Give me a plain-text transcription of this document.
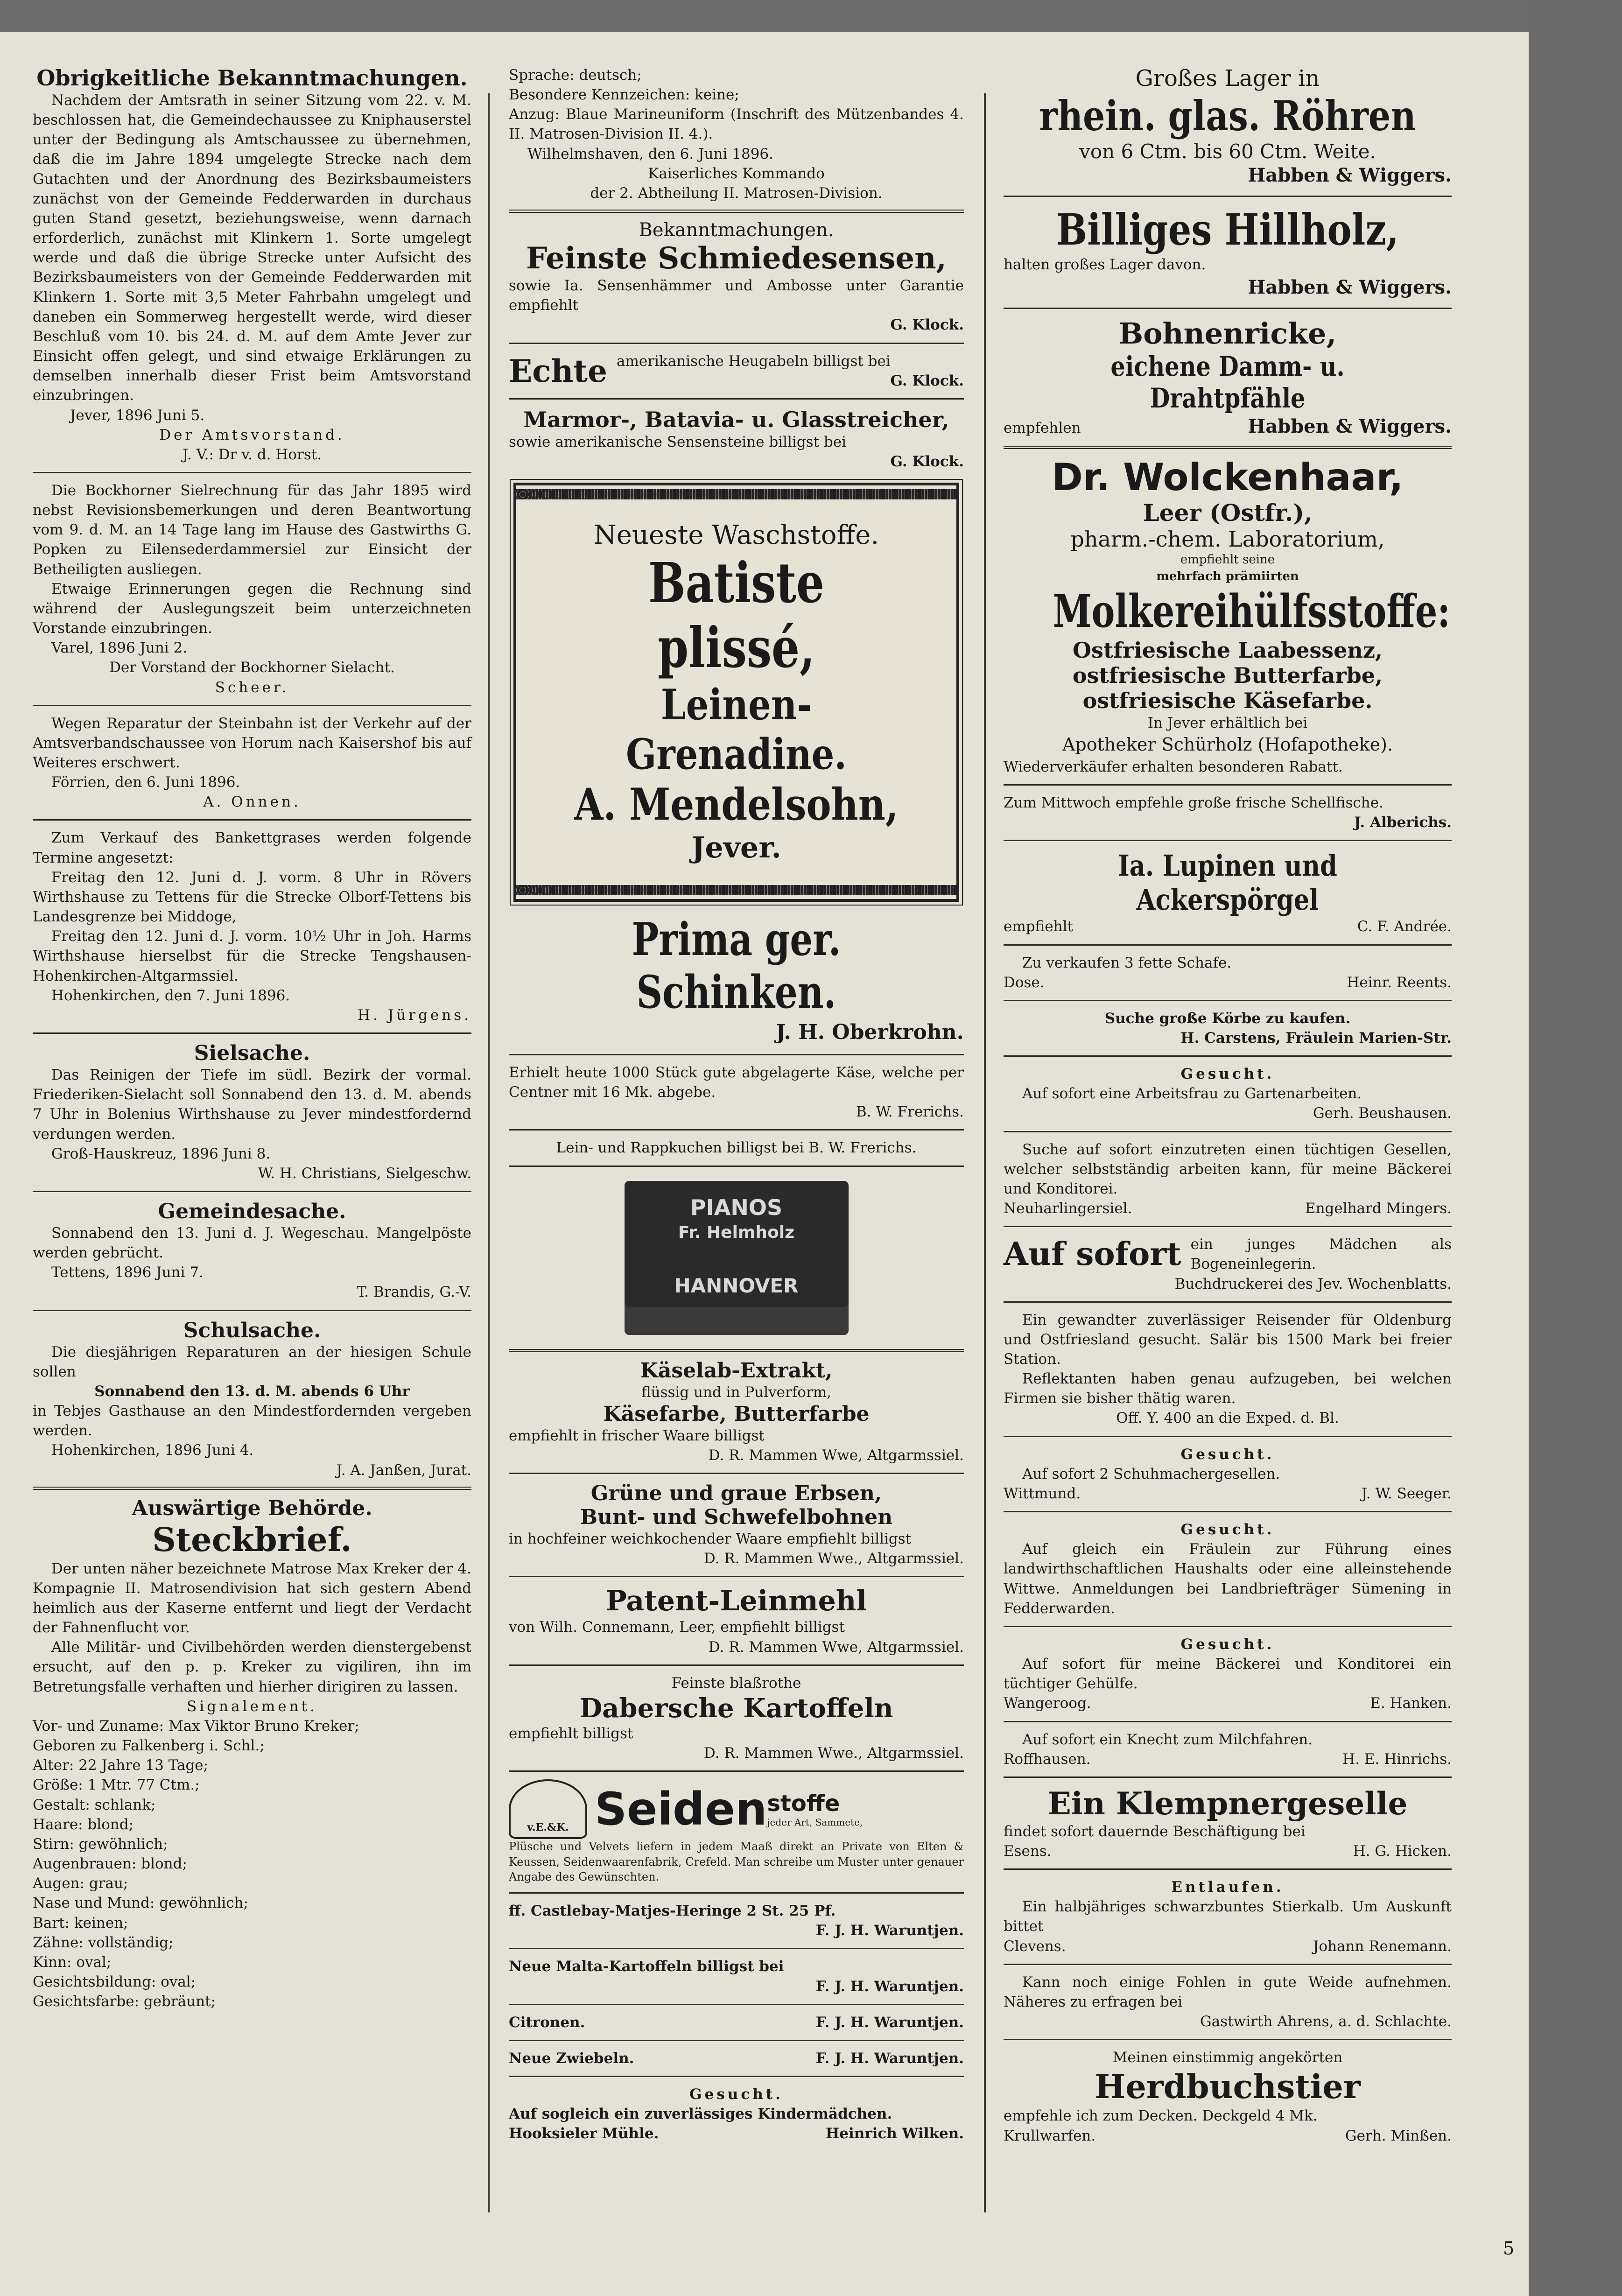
Obrigkeitliche Bekanntmachungen.

Nachdem der Amtsrath in seiner Sitzung vom 22. v. M. beschlossen hat, die Gemeindechaussee zu Kniphauserstel unter der Bedingung als Amtschaussee zu übernehmen, daß die im Jahre 1894 umgelegte Strecke nach dem Gutachten und der Anordnung des Bezirksbaumeisters zunächst von der Gemeinde Fedderwarden in durchaus guten Stand gesetzt, beziehungsweise, wenn darnach erforderlich, zunächst mit Klinkern 1. Sorte umgelegt werde und daß die übrige Strecke unter Aufsicht des Bezirksbaumeisters von der Gemeinde Fedderwarden mit Klinkern 1. Sorte mit 3,5 Meter Fahrbahn umgelegt und daneben ein Sommerweg hergestellt werde, wird dieser Beschluß vom 10. bis 24. d. M. auf dem Amte Jever zur Einsicht offen gelegt, und sind etwaige Erklärungen zu demselben innerhalb dieser Frist beim Amtsvorstand einzubringen.

Jever, 1896 Juni 5.

Der Amtsvorstand.

J. V.: Dr v. d. Horst.

Die Bockhorner Sielrechnung für das Jahr 1895 wird nebst Revisionsbemerkungen und deren Beantwortung vom 9. d. M. an 14 Tage lang im Hause des Gastwirths G. Popken zu Eilensederdammersiel zur Einsicht der Betheiligten ausliegen.

Etwaige Erinnerungen gegen die Rechnung sind während der Auslegungszeit beim unterzeichneten Vorstande einzubringen.

Varel, 1896 Juni 2.

Der Vorstand der Bockhorner Sielacht.

Scheer.

Wegen Reparatur der Steinbahn ist der Verkehr auf der Amtsverbandschaussee von Horum nach Kaisershof bis auf Weiteres erschwert.

Förrien, den 6. Juni 1896.

A. Onnen.

Zum Verkauf des Bankettgrases werden folgende Termine angesetzt:

Freitag den 12. Juni d. J. vorm. 8 Uhr in Rövers Wirthshause zu Tettens für die Strecke Olborf-Tettens bis Landesgrenze bei Middoge,

Freitag den 12. Juni d. J. vorm. 10½ Uhr in Joh. Harms Wirthshause hierselbst für die Strecke Tengshausen-Hohenkirchen-Altgarmssiel.

Hohenkirchen, den 7. Juni 1896.

H. Jürgens.

Sielsache.

Das Reinigen der Tiefe im südl. Bezirk der vormal. Friederiken-Sielacht soll Sonnabend den 13. d. M. abends 7 Uhr in Bolenius Wirthshause zu Jever mindestfordernd verdungen werden.

Groß-Hauskreuz, 1896 Juni 8.

W. H. Christians, Sielgeschw.

Gemeindesache.

Sonnabend den 13. Juni d. J. Wegeschau. Mangelpöste werden gebrücht.

Tettens, 1896 Juni 7.

T. Brandis, G.-V.

Schulsache.

Die diesjährigen Reparaturen an der hiesigen Schule sollen

Sonnabend den 13. d. M. abends 6 Uhr

in Tebjes Gasthause an den Mindestfordernden vergeben werden.

Hohenkirchen, 1896 Juni 4.

J. A. Janßen, Jurat.

Auswärtige Behörde.

Steckbrief.

Der unten näher bezeichnete Matrose Max Kreker der 4. Kompagnie II. Matrosendivision hat sich gestern Abend heimlich aus der Kaserne entfernt und liegt der Verdacht der Fahnenflucht vor.

Alle Militär- und Civilbehörden werden dienstergebenst ersucht, auf den p. p. Kreker zu vigiliren, ihn im Betretungsfalle verhaften und hierher dirigiren zu lassen.

Signalement.

Vor- und Zuname: Max Viktor Bruno Kreker;

Geboren zu Falkenberg i. Schl.;

Alter: 22 Jahre 13 Tage;

Größe: 1 Mtr. 77 Ctm.;

Gestalt: schlank;

Haare: blond;

Stirn: gewöhnlich;

Augenbrauen: blond;

Augen: grau;

Nase und Mund: gewöhnlich;

Bart: keinen;

Zähne: vollständig;

Kinn: oval;

Gesichtsbildung: oval;

Gesichtsfarbe: gebräunt;

Sprache: deutsch;

Besondere Kennzeichen: keine;

Anzug: Blaue Marineuniform (Inschrift des Mützenbandes 4. II. Matrosen-Division II. 4.).

Wilhelmshaven, den 6. Juni 1896.

Kaiserliches Kommando

der 2. Abtheilung II. Matrosen-Division.

Bekanntmachungen.

Feinste Schmiedesensen,

sowie Ia. Sensenhämmer und Ambosse unter Garantie empfiehlt

G. Klock.

Echte amerikanische Heugabeln billigst bei

G. Klock.

Marmor-, Batavia- u. Glasstreicher,

sowie amerikanische Sensensteine billigst bei

G. Klock.

Neueste Waschstoffe.

Batiste plissé,

Leinen-Grenadine.

A. Mendelsohn,

Jever.

Prima ger. Schinken.

J. H. Oberkrohn.

Erhielt heute 1000 Stück gute abgelagerte Käse, welche per Centner mit 16 Mk. abgebe.

B. W. Frerichs.

Lein- und Rappkuchen billigst bei B. W. Frerichs.

PIANOS
Fr. Helmholz
HANNOVER

Käselab-Extrakt,

flüssig und in Pulverform,

Käsefarbe, Butterfarbe

empfiehlt in frischer Waare billigst

D. R. Mammen Wwe, Altgarmssiel.

Grüne und graue Erbsen,

Bunt- und Schwefelbohnen

in hochfeiner weichkochender Waare empfiehlt billigst

D. R. Mammen Wwe., Altgarmssiel.

Patent-Leinmehl

von Wilh. Connemann, Leer, empfiehlt billigst

D. R. Mammen Wwe, Altgarmssiel.

Feinste blaßrothe

Dabersche Kartoffeln

empfiehlt billigst

D. R. Mammen Wwe., Altgarmssiel.

v.E.&K. Seiden stoffe
jeder Art, Sammete,

Plüsche und Velvets liefern in jedem Maaß direkt an Private von Elten & Keussen, Seidenwaarenfabrik, Crefeld. Man schreibe um Muster unter genauer Angabe des Gewünschten.

ff. Castlebay-Matjes-Heringe 2 St. 25 Pf.

F. J. H. Waruntjen.

Neue Malta-Kartoffeln billigst bei

F. J. H. Waruntjen.

Citronen.	F. J. H. Waruntjen.
Neue Zwiebeln.	F. J. H. Waruntjen.

Gesucht.

Auf sogleich ein zuverlässiges Kindermädchen.

Hooksieler Mühle.	Heinrich Wilken.

Großes Lager in

rhein. glas. Röhren

von 6 Ctm. bis 60 Ctm. Weite.

Habben & Wiggers.

Billiges Hillholz,

halten großes Lager davon.

Habben & Wiggers.

Bohnenricke,

eichene Damm- u. Drahtpfähle

empfehlen	Habben & Wiggers.

Dr. Wolckenhaar,

Leer (Ostfr.),

pharm.-chem. Laboratorium,

empfiehlt seine

mehrfach prämiirten

Molkereihülfsstoffe:

Ostfriesische Laabessenz,

ostfriesische Butterfarbe,

ostfriesische Käsefarbe.

In Jever erhältlich bei

Apotheker Schürholz (Hofapotheke).

Wiederverkäufer erhalten besonderen Rabatt.

Zum Mittwoch empfehle große frische Schellfische.

J. Alberichs.

Ia. Lupinen und Ackerspörgel

empfiehlt	C. F. Andrée.

Zu verkaufen 3 fette Schafe.

Dose.	Heinr. Reents.

Suche große Körbe zu kaufen.

H. Carstens, Fräulein Marien-Str.

Gesucht.

Auf sofort eine Arbeitsfrau zu Gartenarbeiten.

Gerh. Beushausen.

Suche auf sofort einzutreten einen tüchtigen Gesellen, welcher selbstständig arbeiten kann, für meine Bäckerei und Konditorei.

Neuharlingersiel.	Engelhard Mingers.
Auf sofort ein junges Mädchen als Bogeneinlegerin.

Buchdruckerei des Jev. Wochenblatts.

Ein gewandter zuverlässiger Reisender für Oldenburg und Ostfriesland gesucht. Salär bis 1500 Mark bei freier Station.

Reflektanten haben genau aufzugeben, bei welchen Firmen sie bisher thätig waren.

Off. Y. 400 an die Exped. d. Bl.

Gesucht.

Auf sofort 2 Schuhmachergesellen.

Wittmund.	J. W. Seeger.

Gesucht.

Auf gleich ein Fräulein zur Führung eines landwirthschaftlichen Haushalts oder eine alleinstehende Wittwe. Anmeldungen bei Landbriefträger Sümening in Fedderwarden.

Gesucht.

Auf sofort für meine Bäckerei und Konditorei ein tüchtiger Gehülfe.

Wangeroog.	E. Hanken.

Auf sofort ein Knecht zum Milchfahren.

Roffhausen.	H. E. Hinrichs.

Ein Klempnergeselle

findet sofort dauernde Beschäftigung bei

Esens.	H. G. Hicken.

Entlaufen.

Ein halbjähriges schwarzbuntes Stierkalb. Um Auskunft bittet

Clevens.	Johann Renemann.

Kann noch einige Fohlen in gute Weide aufnehmen. Näheres zu erfragen bei

Gastwirth Ahrens, a. d. Schlachte.

Meinen einstimmig angekörten

Herdbuchstier

empfehle ich zum Decken. Deckgeld 4 Mk.

Krullwarfen.	Gerh. Minßen.
5
